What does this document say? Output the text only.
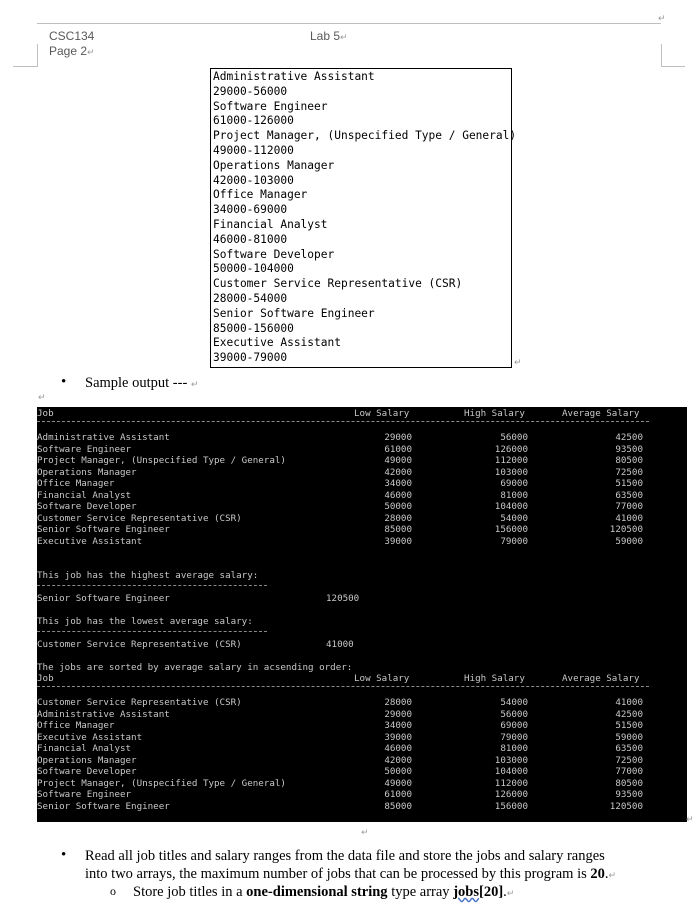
↵
CSC134
Page 2↵
Lab 5↵
Administrative Assistant
29000-56000
Software Engineer
61000-126000
Project Manager, (Unspecified Type / General)
49000-112000
Operations Manager
42000-103000
Office Manager
34000-69000
Financial Analyst
46000-81000
Software Developer
50000-104000
Customer Service Representative (CSR)
28000-54000
Senior Software Engineer
85000-156000
Executive Assistant
39000-79000	↵
• Sample output --- ↵
↵
Job	Low Salary	High Salary	Average Salary
Administrative Assistant	29000	56000	42500
Software Engineer	61000	126000	93500
Project Manager, (Unspecified Type / General)	49000	112000	80500
Operations Manager	42000	103000	72500
Office Manager	34000	69000	51500
Financial Analyst	46000	81000	63500
Software Developer	50000	104000	77000
Customer Service Representative (CSR)	28000	54000	41000
Senior Software Engineer	85000	156000	120500
Executive Assistant	39000	79000	59000
This job has the highest average salary:
Senior Software Engineer	120500
This job has the lowest average salary:
Customer Service Representative (CSR)	41000
The jobs are sorted by average salary in acsending order:
Job	Low Salary	High Salary	Average Salary
Customer Service Representative (CSR)	28000	54000	41000
Administrative Assistant	29000	56000	42500
Office Manager	34000	69000	51500
Executive Assistant	39000	79000	59000
Financial Analyst	46000	81000	63500
Operations Manager	42000	103000	72500
Software Developer	50000	104000	77000
Project Manager, (Unspecified Type / General)	49000	112000	80500
Software Engineer	61000	126000	93500
Senior Software Engineer	85000	156000	120500
↵
↵
• Read all job titles and salary ranges from the data file and store the jobs and salary ranges
into two arrays, the maximum number of jobs that can be processed by this program is 20.↵
o Store job titles in a one-dimensional string type array jobs[20].↵
